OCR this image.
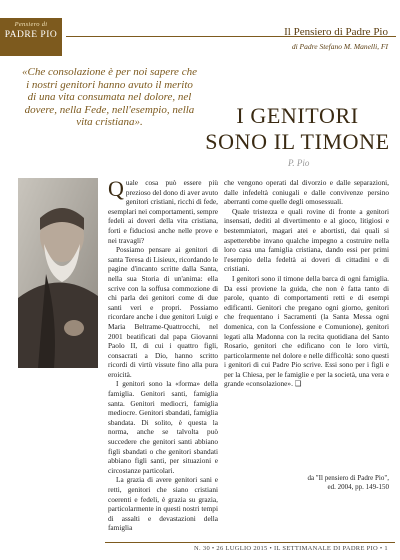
Pensiero di
PADRE PIO	Il Pensiero di Padre Pio
di Padre Stefano M. Manelli, FI
«Che consolazione è per noi sapere che i nostri genitori hanno avuto il merito di una vita consumata nel dolore, nel dovere, nella Fede, nell'esempio, nella vita cristiana».	I GENITORI SONO IL TIMONE
P. Pio

Quale cosa può essere più prezioso del dono di aver avuto genitori cristiani, ricchi di fede, esemplari nei comportamenti, sempre fedeli ai doveri della vita cristiana, forti e fiduciosi anche nelle prove e nei travagli?

Possiamo pensare ai genitori di santa Teresa di Lisieux, ricordando le pagine d'incanto scritte dalla Santa, nella sua Storia di un'anima: ella scrive con la soffusa commozione di chi parla dei genitori come di due santi veri e propri. Possiamo ricordare anche i due genitori Luigi e Maria Beltrame-Quattrocchi, nel 2001 beatificati dal papa Giovanni Paolo II, di cui i quattro figli, consacrati a Dio, hanno scritto ricordi di virtù vissute fino alla pura eroicità.

I genitori sono la «forma» della famiglia. Genitori santi, famiglia santa. Genitori mediocri, famiglia mediocre. Genitori sbandati, famiglia sbandata. Di solito, è questa la norma, anche se talvolta può succedere che genitori santi abbiano figli sbandati o che genitori sbandati abbiano figli santi, per situazioni e circostanze particolari.

La grazia di avere genitori sani e retti, genitori che siano cristiani coerenti e fedeli, è grazia su grazia, particolarmente in questi nostri tempi di assalti e devastazioni della famiglia

che vengono operati dal divorzio e dalle separazioni, dalle infedeltà coniugali e dalle convivenze persino aberranti come quelle degli omosessuali.

Quale tristezza e quali rovine di fronte a genitori insensati, dediti al divertimento e al gioco, litigiosi e bestemmiatori, magari atei e abortisti, dai quali si aspetterebbe invano qualche impegno a costruire nella loro casa una famiglia cristiana, dando essi per primi l'esempio della fedeltà ai doveri di cittadini e di cristiani.

I genitori sono il timone della barca di ogni famiglia. Da essi proviene la guida, che non è fatta tanto di parole, quanto di comportamenti retti e di esempi edificanti. Genitori che pregano ogni giorno, genitori che frequentano i Sacramenti (la Santa Messa ogni domenica, con la Confessione e Comunione), genitori legati alla Madonna con la recita quotidiana del Santo Rosario, genitori che edificano con le loro virtù, particolarmente nel dolore e nelle difficoltà: sono questi i genitori di cui Padre Pio scrive. Essi sono per i figli e per la Chiesa, per le famiglie e per la società, una vera e grande «consolazione». ❑

da "Il pensiero di Padre Pio",
ed. 2004, pp. 149-150
N. 30 • 26 LUGLIO 2015 • IL SETTIMANALE DI PADRE PIO • 1
